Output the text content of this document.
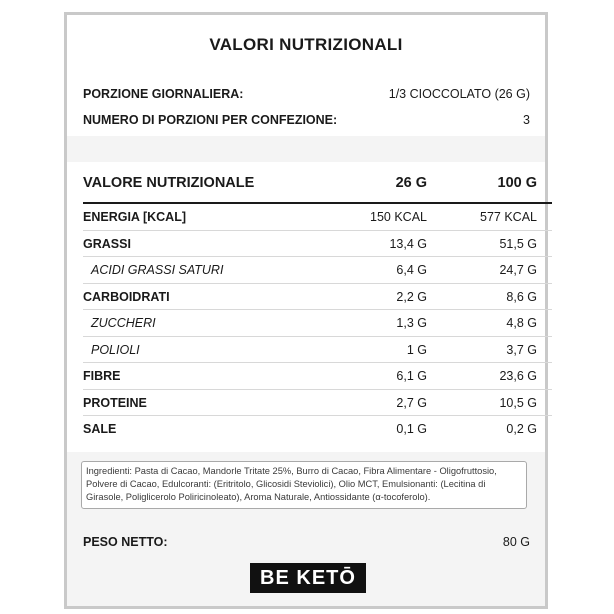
VALORI NUTRIZIONALI
PORZIONE GIORNALIERA:	1/3 CIOCCOLATO (26 G)
NUMERO DI PORZIONI PER CONFEZIONE:	3
VALORE NUTRIZIONALE	26 G	100 G
ENERGIA [KCAL]	150 KCAL	577 KCAL
GRASSI	13,4 G	51,5 G
ACIDI GRASSI SATURI	6,4 G	24,7 G
CARBOIDRATI	2,2 G	8,6 G
ZUCCHERI	1,3 G	4,8 G
POLIOLI	1 G	3,7 G
FIBRE	6,1 G	23,6 G
PROTEINE	2,7 G	10,5 G
SALE	0,1 G	0,2 G
Ingredienti: Pasta di Cacao, Mandorle Tritate 25%, Burro di Cacao, Fibra Alimentare - Oligofruttosio, Polvere di Cacao, Edulcoranti: (Eritritolo, Glicosidi Steviolici), Olio MCT, Emulsionanti: (Lecitina di Girasole, Poliglicerolo Poliricinoleato), Aroma Naturale, Antiossidante (α-tocoferolo).
PESO NETTO:	80 G
BE KETŌ
